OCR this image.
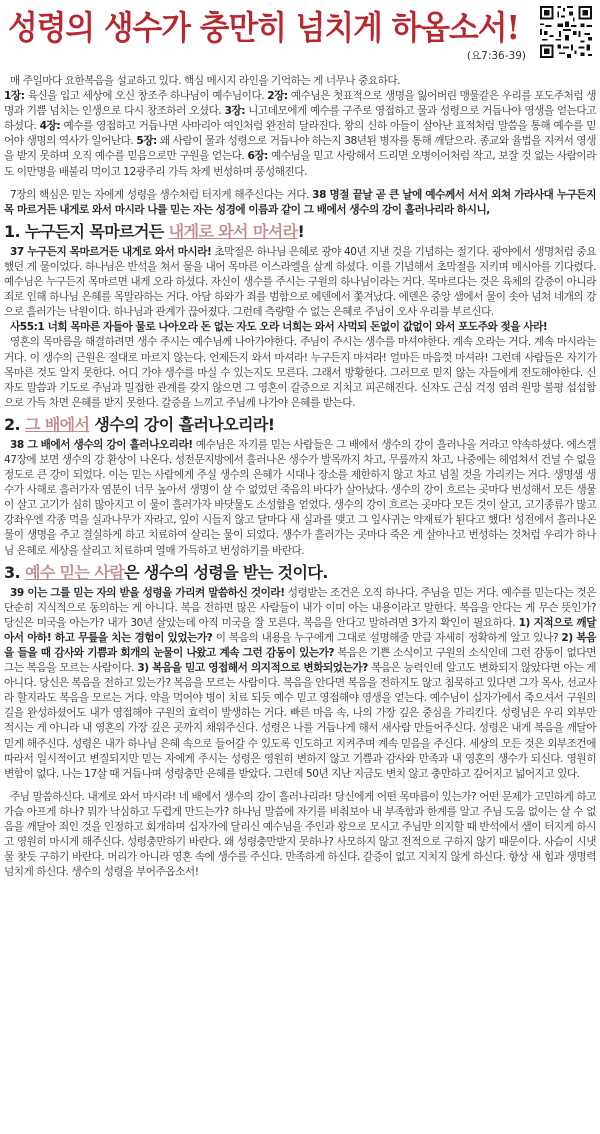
성령의 생수가 충만히 넘치게 하옵소서!
(요7:36-39)

매 주일마다 요한복음을 설교하고 있다. 핵심 메시지 라인을 기억하는 게 너무나 중요하다.
1장: 육신을 입고 세상에 오신 창조주 하나님이 예수님이다. 2장: 예수님은 첫표적으로 생명을 잃어버린 맹물같은 우리를 포도주처럼 생명과 기쁨 넘치는 인생으로 다시 창조하러 오셨다. 3장: 니고데모에게 예수를 구주로 영접하고 물과 성령으로 거듭나야 영생을 얻는다고 하셨다. 4장: 예수를 영접하고 거듭나면 사마리아 여인처럼 완전히 달라진다. 왕의 신하 아들이 살아난 표적처럼 말씀을 통해 예수를 믿어야 생명의 역사가 일어난다. 5장: 왜 사람이 물과 성령으로 거듭나야 하는지 38년된 병자를 통해 깨닫으라. 종교와 율법을 지켜서 영생을 받지 못하며 오직 예수를 믿음으로만 구원을 얻는다. 6장: 예수님을 믿고 사랑해서 드리면 오병이어처럼 작고, 보잘 것 없는 사람이라도 이만명을 배불리 먹이고 12광주리 가득 차게 번성하며 풍성해진다.

7장의 핵심은 믿는 자에게 성령을 생수처럼 터지게 해주신다는 거다. 38 명절 끝날 곧 큰 날에 예수께서 서서 외쳐 가라사대 누구든지 목 마르거든 내게로 와서 마시라 나를 믿는 자는 성경에 이름과 같이 그 배에서 생수의 강이 흘러나리라 하시니,

1. 누구든지 목마르거든 내게로 와서 마셔라!

37 누구든지 목마르거든 내게로 와서 마시라! 초막절은 하나님 은혜로 광야 40년 지낸 것을 기념하는 절기다. 광야에서 생명처럼 중요했던 게 물이었다. 하나님은 반석을 쳐서 물을 내어 목마른 이스라엘을 살게 하셨다. 이를 기념해서 초막절을 지키며 메시아를 기다렸다. 예수님은 누구든지 목마르면 내게 오라 하셨다. 자신이 생수를 주시는 구원의 하나님이라는 거다. 목마르다는 것은 육체의 갈증이 아니라 죄로 인해 하나님 은혜를 목말라하는 거다. 아담 하와가 죄를 범함으로 에덴에서 쫓겨났다. 에덴은 중앙 샘에서 물이 솟아 넘쳐 네개의 강으로 흘러가는 낙원이다. 하나님과 관계가 끊어졌다. 그런데 측량할 수 없는 은혜로 주님이 오사 우리를 부르신다.

사55:1 너희 목마른 자들아 물로 나아오라 돈 없는 자도 오라 너희는 와서 사먹되 돈없이 값없이 와서 포도주와 젖을 사라!

영혼의 목마름을 해결하려면 생수 주시는 예수님께 나아가야한다. 주님이 주시는 생수를 마셔야한다. 계속 오라는 거다. 계속 마시라는 거다. 이 생수의 근원은 절대로 마르지 않는다. 언제든지 와서 마셔라! 누구든지 마셔라! 얼마든 마음껏 마셔라! 그런데 사람들은 자기가 목마른 것도 알지 못한다. 어디 가야 생수를 마실 수 있는지도 모른다. 그래서 방황한다. 그러므로 믿지 않는 자들에게 전도해야한다. 신자도 말씀과 기도로 주님과 밀접한 관계를 갖지 않으면 그 영혼이 갈증으로 지치고 피곤해진다. 신자도 근심 걱정 염려 원망 불평 섭섭함으로 가득 차면 은혜를 받지 못한다. 갈증을 느끼고 주님께 나가야 은혜를 받는다.

2. 그 배에서 생수의 강이 흘러나오리라!

38 그 배에서 생수의 강이 흘러나오리라! 예수님은 자기를 믿는 사람들은 그 배에서 생수의 강이 흘러나올 거라고 약속하셨다. 에스겔 47장에 보면 생수의 강 환상이 나온다. 성전문지방에서 흘러나온 생수가 발목까지 차고, 무릎까지 차고, 나중에는 헤엄쳐서 건널 수 없을 정도로 큰 강이 되었다. 이는 믿는 사람에게 주실 생수의 은혜가 시대나 장소를 제한하지 않고 차고 넘칠 것을 가리키는 거다. 생명샘 생수가 사해로 흘러가자 염분이 너무 높아서 생명이 살 수 없었던 죽음의 바다가 살아났다. 생수의 강이 흐르는 곳마다 번성해서 모든 생물이 살고 고기가 심히 많아지고 이 물이 흘러가자 바닷물도 소성함을 얻었다. 생수의 강이 흐르는 곳마다 모든 것이 살고, 고기종류가 많고 강좌우엔 각종 먹을 실과나무가 자라고, 잎이 시들지 않고 달마다 새 실과를 맺고 그 잎사귀는 약재료가 된다고 했다! 성전에서 흘러나온 물이 생명을 주고 결실하게 하고 치료하여 살리는 물이 되었다. 생수가 흘러가는 곳마다 죽은 게 살아나고 번성하는 것처럼 우리가 하나님 은혜로 세상을 살리고 치료하며 열매 가득하고 번성하기를 바란다.

3. 예수 믿는 사람은 생수의 성령을 받는 것이다.

39 이는 그를 믿는 자의 받을 성령을 가리켜 말씀하신 것이라! 성령받는 조건은 오직 하나다. 주님을 믿는 거다. 예수를 믿는다는 것은 단순히 지식적으로 동의하는 게 아니다. 복음 전하면 많은 사람들이 내가 이미 아는 내용이라고 말한다. 복음을 안다는 게 무슨 뜻인가? 당신은 미국을 아는가? 내가 30년 살았는데 아직 미국을 잘 모른다. 복음을 안다고 말하려면 3가지 확인이 필요하다. 1) 지적으로 깨달아서 아하! 하고 무릎을 치는 경험이 있었는가? 이 복음의 내용을 누구에게 그대로 설명해줄 만큼 자세히 정확하게 알고 있나? 2) 복음을 들을 때 감사와 기쁨과 회개의 눈물이 나왔고 계속 그런 감동이 있는가? 복음은 기쁜 소식이고 구원의 소식인데 그런 감동이 없다면 그는 복음을 모르는 사람이다. 3) 복음을 믿고 영접해서 의지적으로 변화되었는가? 복음은 능력인데 알고도 변화되지 않았다면 아는 게 아니다. 당신은 복음을 전하고 있는가? 복음을 모르는 사람이다. 복음을 안다면 복음을 전하지도 않고 침묵하고 있다면 그가 목사, 선교사라 할지라도 복음을 모르는 거다. 약을 먹어야 병이 치료 되듯 예수 믿고 영접해야 영생을 얻는다. 예수님이 십자가에서 죽으셔서 구원의 길을 완성하셨어도 내가 영접해야 구원의 효력이 발생하는 거다. 빠른 마음 속, 나의 가장 깊은 중심을 가리킨다. 성령님은 우리 외부만 적시는 게 아니라 내 영혼의 가장 깊은 곳까지 채워주신다. 성령은 나를 거듭나게 해서 새사람 만들어주신다. 성령은 내게 복음을 깨달아 믿게 해주신다. 성령은 내가 하나님 은혜 속으로 들어갈 수 있도록 인도하고 지켜주며 계속 믿음을 주신다. 세상의 모든 것은 외부조건에 따라서 일시적이고 변질되지만 믿는 자에게 주시는 성령은 영원히 변하지 않고 기쁨과 감사와 만족과 내 영혼의 생수가 되신다. 영원히 변함이 없다. 나는 17살 때 거듭나며 성령충만 은혜를 받았다. 그런데 50년 지난 지금도 변치 않고 충만하고 깊어지고 넓어지고 있다.

주님 말씀하신다. 내게로 와서 마시라! 네 배에서 생수의 강이 흘러나리라! 당신에게 어떤 목마름이 있는가? 어떤 문제가 고민하게 하고 가슴 아프게 하나? 뭐가 낙심하고 두렵게 만드는가? 하나님 말씀에 자기를 비춰보아 내 부족함과 한계를 알고 주님 도움 없이는 살 수 없음을 깨달아 죄인 것을 인정하고 회개하며 십자가에 달리신 예수님을 주인과 왕으로 모시고 주님만 의지할 때 반석에서 샘이 터지게 하시고 영원히 마시게 해주신다. 성령충만하기 바란다. 왜 성령충만받지 못하나? 사모하지 않고 전적으로 구하지 않기 때문이다. 사슴이 시냇물 찾듯 구하기 바란다. 머리가 아니라 영혼 속에 생수를 주신다. 만족하게 하신다. 갈증이 없고 지치지 않게 하신다. 항상 새 힘과 생명력 넘치게 하신다. 생수의 성령을 부어주옵소서!
